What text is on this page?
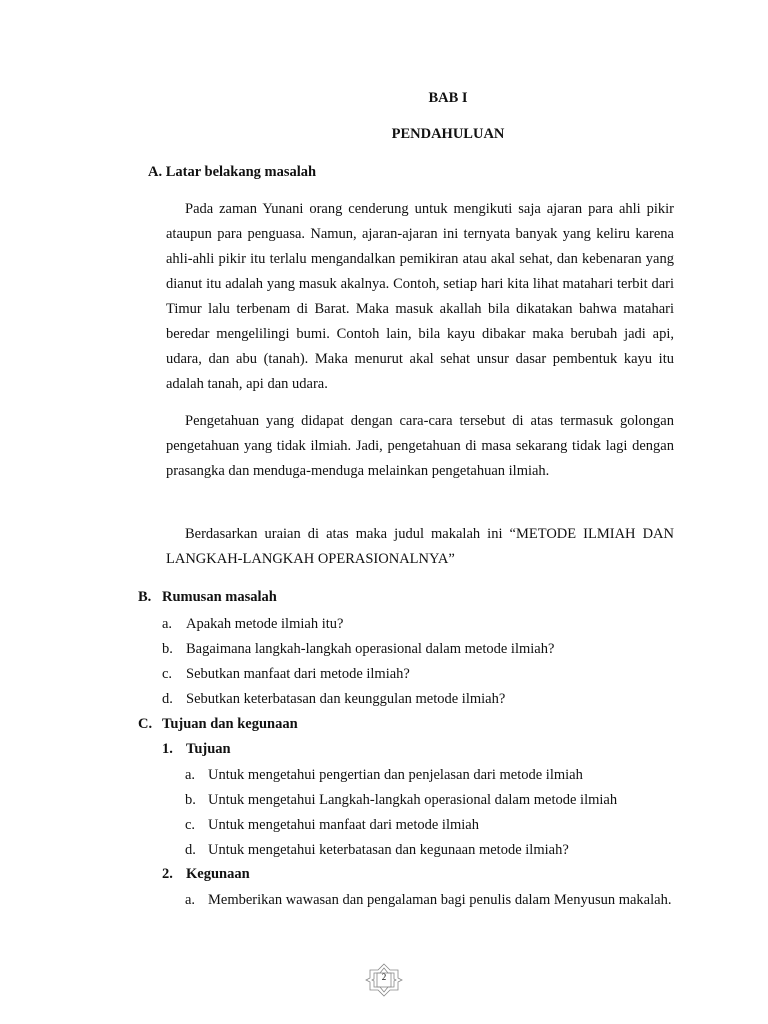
BAB I
PENDAHULUAN
A. Latar belakang masalah

Pada zaman Yunani orang cenderung untuk mengikuti saja ajaran para ahli pikir ataupun para penguasa. Namun, ajaran-ajaran ini ternyata banyak yang keliru karena ahli-ahli pikir itu terlalu mengandalkan pemikiran atau akal sehat, dan kebenaran yang dianut itu adalah yang masuk akalnya. Contoh, setiap hari kita lihat matahari terbit dari Timur lalu terbenam di Barat. Maka masuk akallah bila dikatakan bahwa matahari beredar mengelilingi bumi. Contoh lain, bila kayu dibakar maka berubah jadi api, udara, dan abu (tanah). Maka menurut akal sehat unsur dasar pembentuk kayu itu adalah tanah, api dan udara.

Pengetahuan yang didapat dengan cara-cara tersebut di atas termasuk golongan pengetahuan yang tidak ilmiah. Jadi, pengetahuan di masa sekarang tidak lagi dengan prasangka dan menduga-menduga melainkan pengetahuan ilmiah.

Berdasarkan uraian di atas maka judul makalah ini “METODE ILMIAH DAN LANGKAH-LANGKAH OPERASIONALNYA”

B. Rumusan masalah
a. Apakah metode ilmiah itu?
b. Bagaimana langkah-langkah operasional dalam metode ilmiah?
c. Sebutkan manfaat dari metode ilmiah?
d. Sebutkan keterbatasan dan keunggulan metode ilmiah?
C. Tujuan dan kegunaan
1. Tujuan
a. Untuk mengetahui pengertian dan penjelasan dari metode ilmiah
b. Untuk mengetahui Langkah-langkah operasional dalam metode ilmiah
c. Untuk mengetahui manfaat dari metode ilmiah
d. Untuk mengetahui keterbatasan dan kegunaan metode ilmiah?
2. Kegunaan
a. Memberikan wawasan dan pengalaman bagi penulis dalam Menyusun makalah.
2
